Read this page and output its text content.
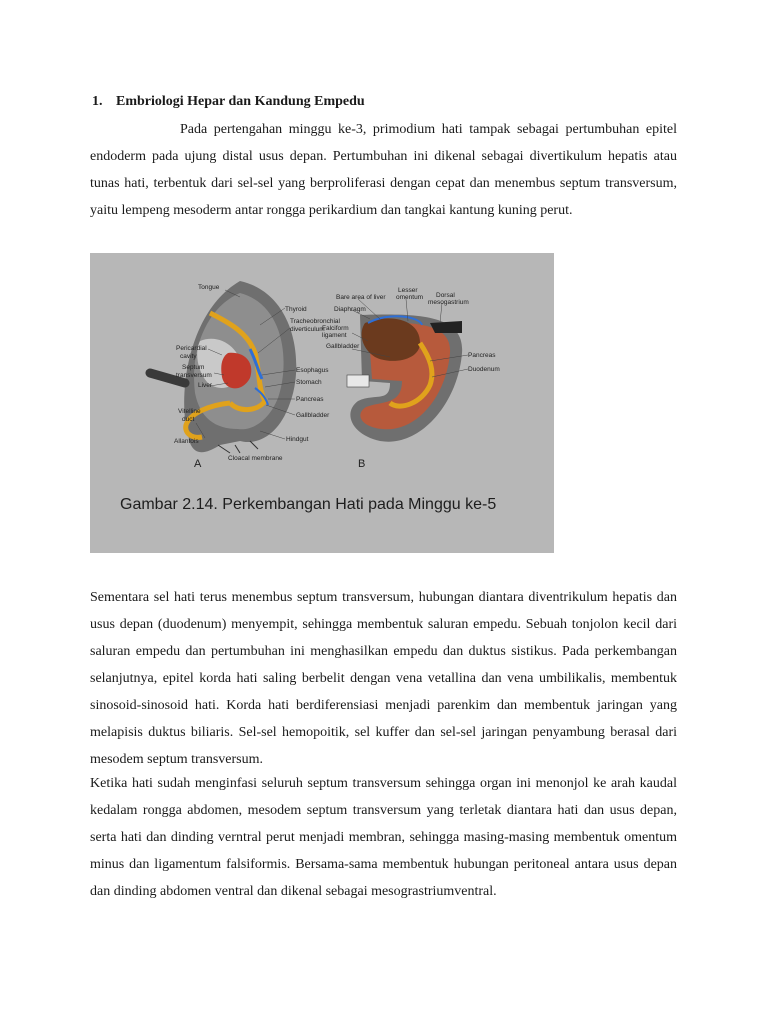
1. Embriologi Hepar dan Kandung Empedu

Pada pertengahan minggu ke-3, primodium hati tampak sebagai pertumbuhan epitel endoderm pada ujung distal usus depan. Pertumbuhan ini dikenal sebagai divertikulum hepatis atau tunas hati, terbentuk dari sel-sel yang berproliferasi dengan cepat dan menembus septum transversum, yaitu lempeng mesoderm antar rongga perikardium dan tangkai kantung kuning perut.

Tongue
Thyroid
Tracheobronchial
diverticulum
Pericardial
cavity
Septum
transversum
Liver
Esophagus
Stomach
Pancreas
Vitelline
duct
Gallbladder
Allantois	Hindgut
Cloacal membrane
A
Bare area of liver
Lesser
omentum Dorsal
mesogastrium
Diaphragm
Falciform
ligament
Gallbladder
Pancreas
Duodenum
B
Gambar 2.14. Perkembangan Hati pada Minggu ke-5

Sementara sel hati terus menembus septum transversum, hubungan diantara diventrikulum hepatis dan usus depan (duodenum) menyempit, sehingga membentuk saluran empedu. Sebuah tonjolon kecil dari saluran empedu dan pertumbuhan ini menghasilkan empedu dan duktus sistikus. Pada perkembangan selanjutnya, epitel korda hati saling berbelit dengan vena vetallina dan vena umbilikalis, membentuk sinosoid-sinosoid hati. Korda hati berdiferensiasi menjadi parenkim dan membentuk jaringan yang melapisis duktus biliaris. Sel-sel hemopoitik, sel kuffer dan sel-sel jaringan penyambung berasal dari mesodem septum transversum.

Ketika hati sudah menginfasi seluruh septum transversum sehingga organ ini menonjol ke arah kaudal kedalam rongga abdomen, mesodem septum transversum yang terletak diantara hati dan usus depan, serta hati dan dinding verntral perut menjadi membran, sehingga masing-masing membentuk omentum minus dan ligamentum falsiformis. Bersama-sama membentuk hubungan peritoneal antara usus depan dan dinding abdomen ventral dan dikenal sebagai mesograstriumventral.
